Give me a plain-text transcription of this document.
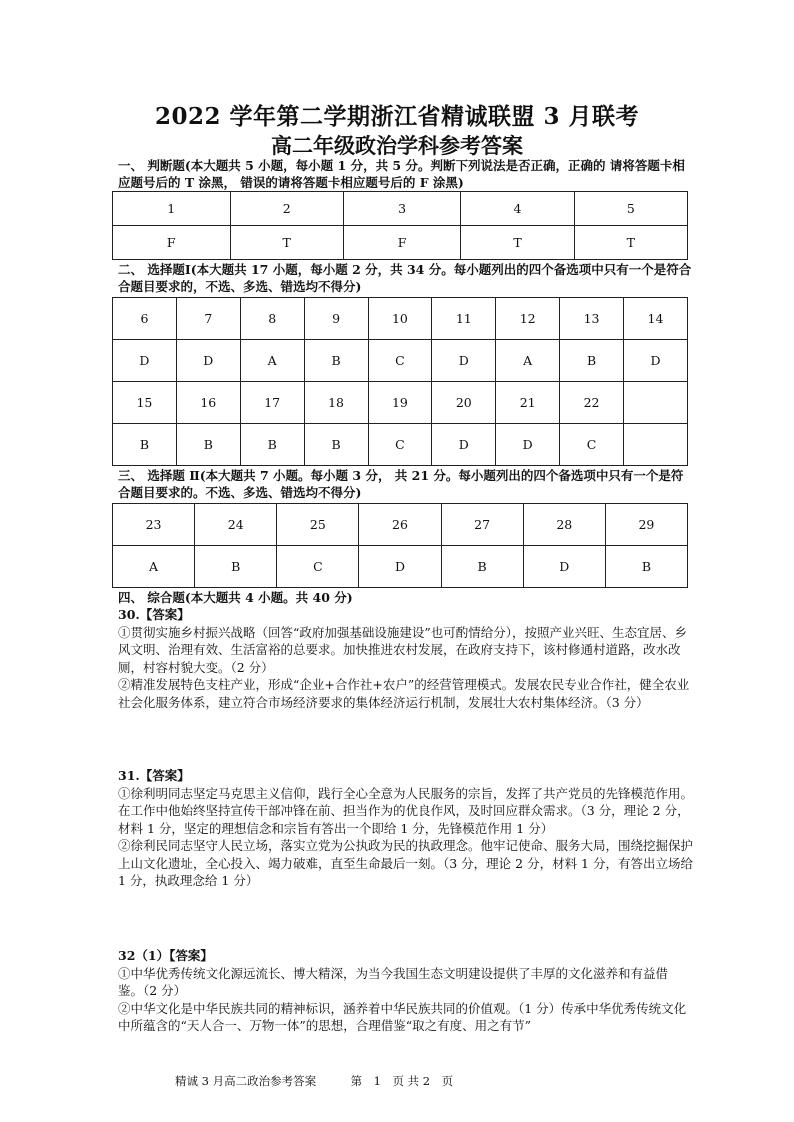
2022 学年第二学期浙江省精诚联盟 3 月联考
高二年级政治学科参考答案
一、 判断题(本大题共 5 小题，每小题 1 分，共 5 分。判断下列说法是否正确，正确的 请将答题卡相应题号后的 T 涂黑， 错误的请将答题卡相应题号后的 F 涂黑)
1	2	3	4	5
F	T	F	T	T
二、 选择题Ⅰ(本大题共 17 小题，每小题 2 分，共 34 分。每小题列出的四个备选项中只有一个是符合合题目要求的，不选、多选、错选均不得分)
6	7	8	9	10	11	12	13	14
D	D	A	B	C	D	A	B	D
15	16	17	18	19	20	21	22	
B	B	B	B	C	D	D	C	
三、 选择题 Ⅱ(本大题共 7 小题。每小题 3 分， 共 21 分。每小题列出的四个备选项中只有一个是符合题目要求的。不选、多选、错选均不得分)
23	24	25	26	27	28	29
A	B	C	D	B	D	B
四、 综合题(本大题共 4 小题。共 40 分)

30.【答案】

①贯彻实施乡村振兴战略（回答“政府加强基础设施建设”也可酌情给分），按照产业兴旺、生态宜居、乡风文明、治理有效、生活富裕的总要求。加快推进农村发展，在政府支持下，该村修通村道路，改水改厕，村容村貌大变。（2 分）

②精准发展特色支柱产业，形成“企业+合作社+农户”的经营管理模式。发展农民专业合作社，健全农业社会化服务体系，建立符合市场经济要求的集体经济运行机制，发展壮大农村集体经济。（3 分）

31.【答案】

①徐利明同志坚定马克思主义信仰，践行全心全意为人民服务的宗旨，发挥了共产党员的先锋模范作用。在工作中他始终坚持宣传干部冲锋在前、担当作为的优良作风，及时回应群众需求。（3 分，理论 2 分，材料 1 分，坚定的理想信念和宗旨有答出一个即给 1 分，先锋模范作用 1 分）

②徐利民同志坚守人民立场，落实立党为公执政为民的执政理念。他牢记使命、服务大局，围绕挖掘保护上山文化遗址，全心投入、竭力破难，直至生命最后一刻。（3 分，理论 2 分，材料 1 分，有答出立场给 1 分，执政理念给 1 分）

32（1）【答案】

①中华优秀传统文化源远流长、博大精深，为当今我国生态文明建设提供了丰厚的文化滋养和有益借鉴。（2 分）

②中华文化是中华民族共同的精神标识，涵养着中华民族共同的价值观。（1 分）传承中华优秀传统文化中所蕴含的“天人合一、万物一体”的思想，合理借鉴“取之有度、用之有节”

精诚 3 月高二政治参考答案　　　第　1　页 共 2　页
